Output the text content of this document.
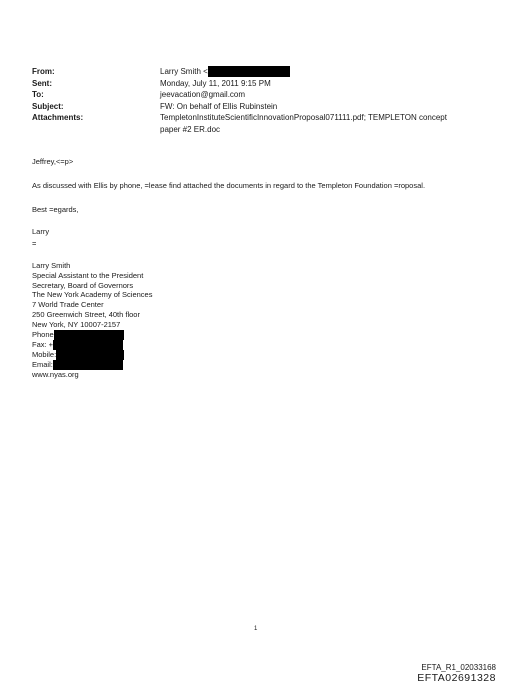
From:	Larry Smith <
Sent:	Monday, July 11, 2011 9:15 PM
To:	jeevacation@gmail.com
Subject:	FW: On behalf of Ellis Rubinstein
Attachments:	TempletonInstituteScientificInnovationProposal071111.pdf; TEMPLETON concept
paper #2 ER.doc
Jeffrey,<=p>
As discussed with Ellis by phone, =lease find attached the documents in regard to the Templeton Foundation =roposal.
Best =egards,
Larry
=
Larry Smith
Special Assistant to the President
Secretary, Board of Governors
The New York Academy of Sciences
7 World Trade Center
250 Greenwich Street, 40th floor
New York, NY 10007-2157
Phone
Fax: +
Mobile:
Email:
www.nyas.org
1
EFTA_R1_02033168
EFTA02691328
